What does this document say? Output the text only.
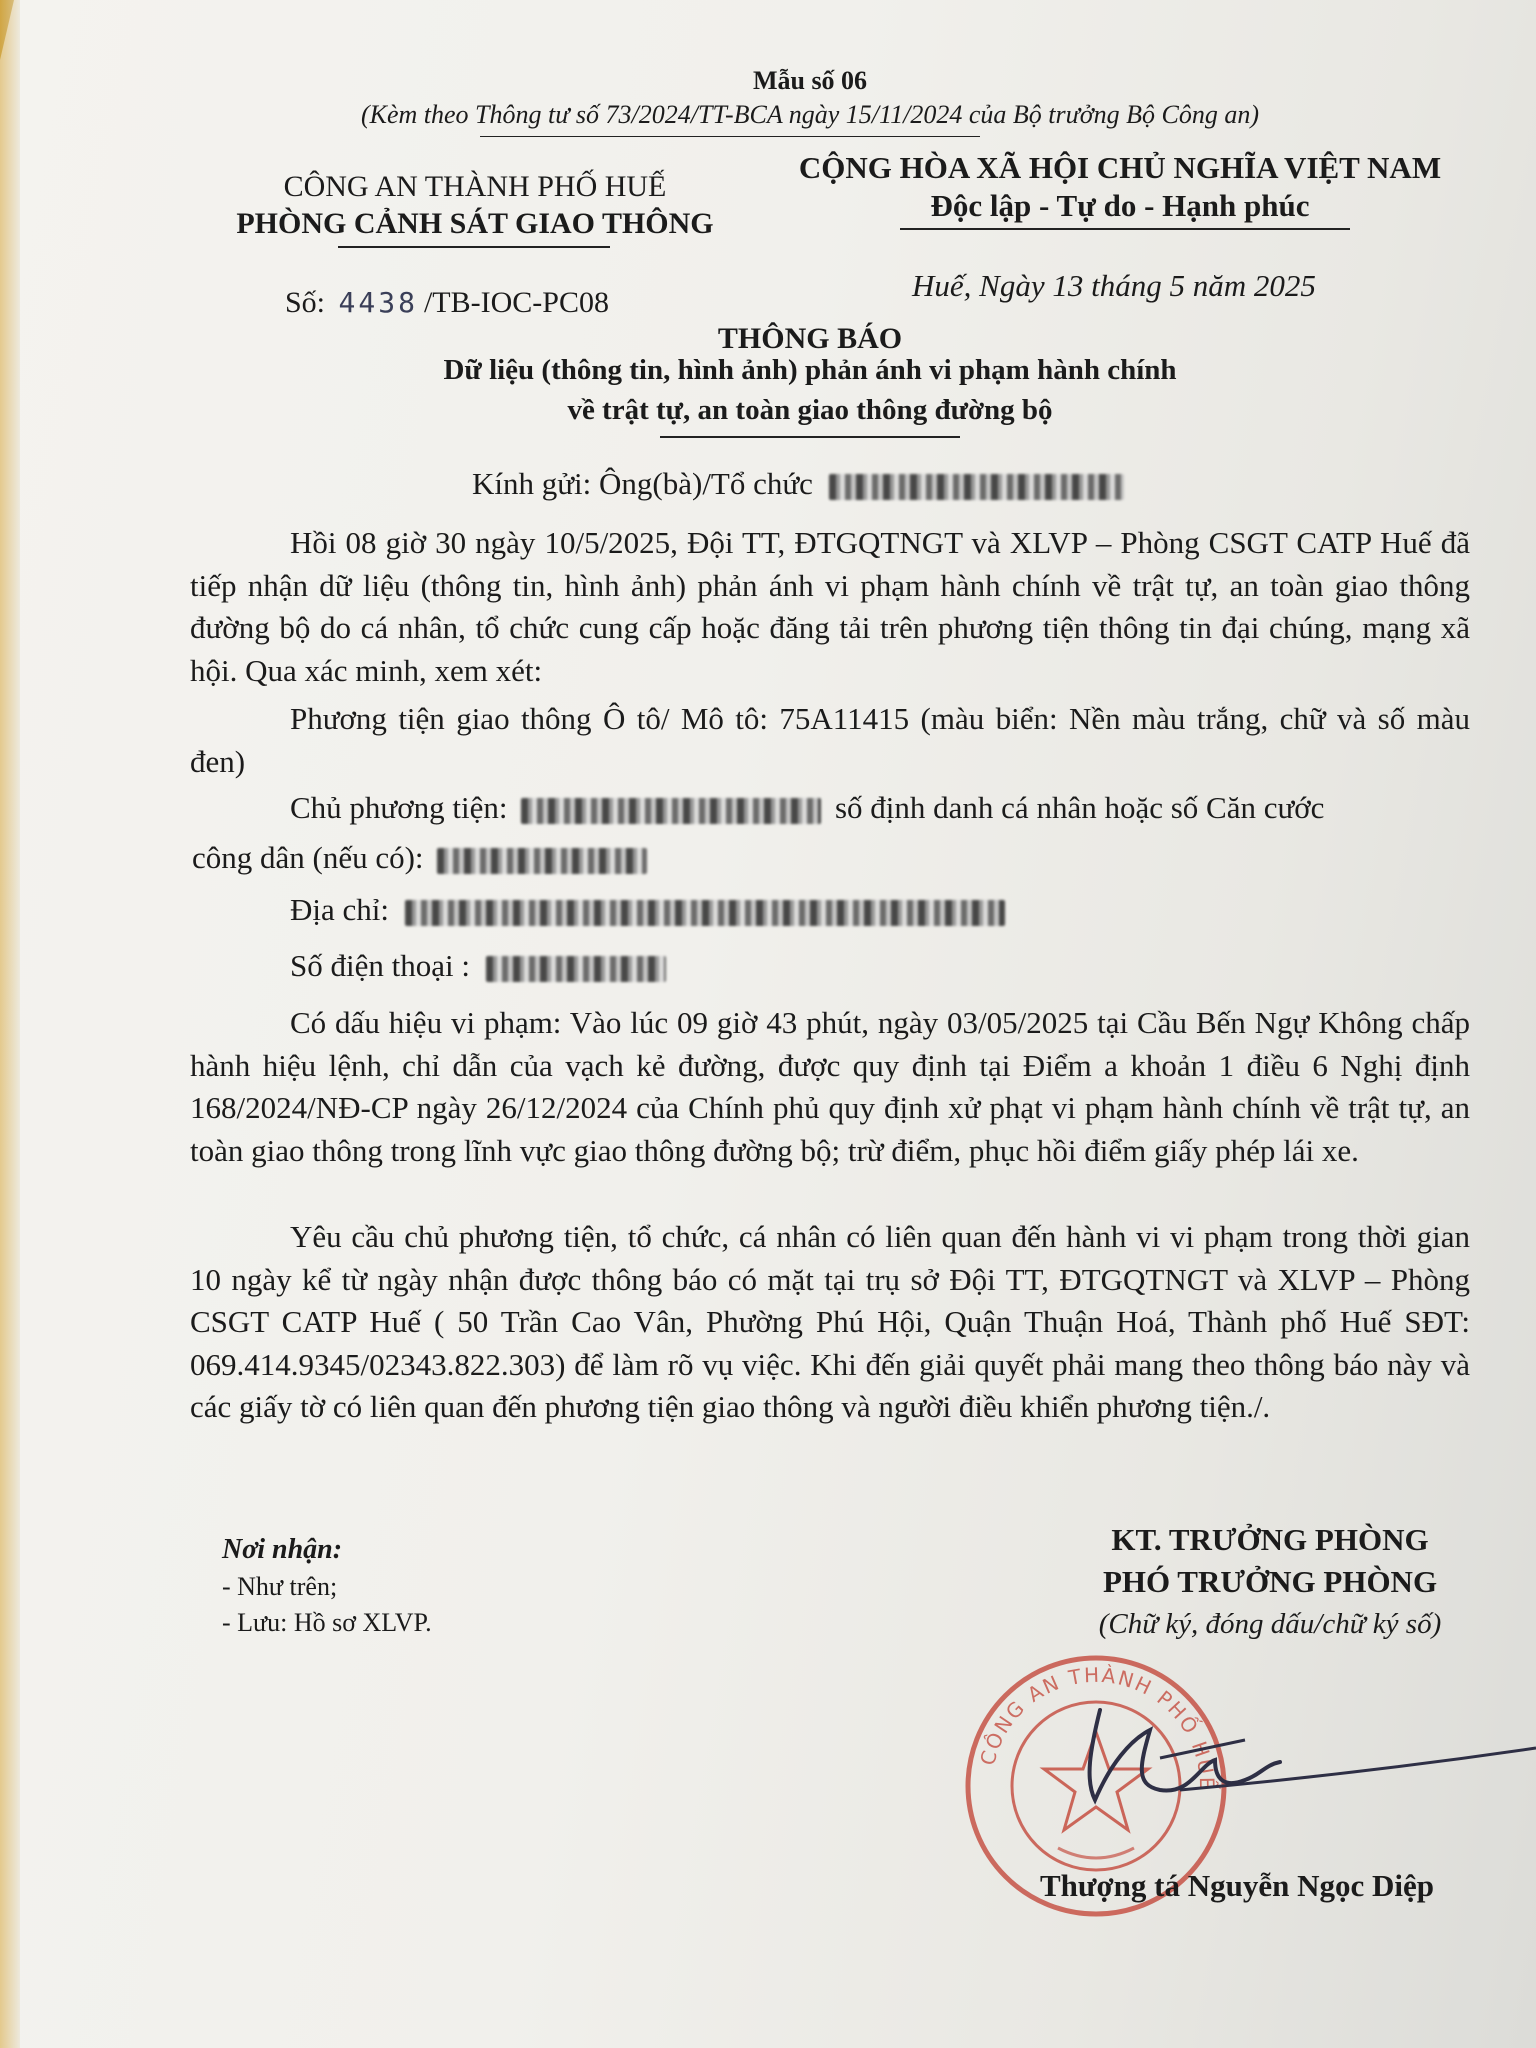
Mẫu số 06
(Kèm theo Thông tư số 73/2024/TT-BCA ngày 15/11/2024 của Bộ trưởng Bộ Công an)
CÔNG AN THÀNH PHỐ HUẾ
PHÒNG CẢNH SÁT GIAO THÔNG
CỘNG HÒA XÃ HỘI CHỦ NGHĨA VIỆT NAM
Độc lập - Tự do - Hạnh phúc
Số: 4438 /TB-IOC-PC08	Huế, Ngày 13 tháng 5 năm 2025
THÔNG BÁO
Dữ liệu (thông tin, hình ảnh) phản ánh vi phạm hành chính
về trật tự, an toàn giao thông đường bộ
Kính gửi: Ông(bà)/Tổ chức
Hồi 08 giờ 30 ngày 10/5/2025, Đội TT, ĐTGQTNGT và XLVP – Phòng CSGT CATP Huế đã tiếp nhận dữ liệu (thông tin, hình ảnh) phản ánh vi phạm hành chính về trật tự, an toàn giao thông đường bộ do cá nhân, tổ chức cung cấp hoặc đăng tải trên phương tiện thông tin đại chúng, mạng xã hội. Qua xác minh, xem xét:
Phương tiện giao thông Ô tô/ Mô tô: 75A11415 (màu biển: Nền màu trắng, chữ và số màu đen)
Chủ phương tiện:	số định danh cá nhân hoặc số Căn cước
công dân (nếu có):
Địa chỉ:
Số điện thoại :
Có dấu hiệu vi phạm: Vào lúc 09 giờ 43 phút, ngày 03/05/2025 tại Cầu Bến Ngự Không chấp hành hiệu lệnh, chỉ dẫn của vạch kẻ đường, được quy định tại Điểm a khoản 1 điều 6 Nghị định 168/2024/NĐ-CP ngày 26/12/2024 của Chính phủ quy định xử phạt vi phạm hành chính về trật tự, an toàn giao thông trong lĩnh vực giao thông đường bộ; trừ điểm, phục hồi điểm giấy phép lái xe.
Yêu cầu chủ phương tiện, tổ chức, cá nhân có liên quan đến hành vi vi phạm trong thời gian 10 ngày kể từ ngày nhận được thông báo có mặt tại trụ sở Đội TT, ĐTGQTNGT và XLVP – Phòng CSGT CATP Huế ( 50 Trần Cao Vân, Phường Phú Hội, Quận Thuận Hoá, Thành phố Huế SĐT: 069.414.9345/02343.822.303) để làm rõ vụ việc. Khi đến giải quyết phải mang theo thông báo này và các giấy tờ có liên quan đến phương tiện giao thông và người điều khiển phương tiện./.
Nơi nhận:
- Như trên;
- Lưu: Hồ sơ XLVP.
KT. TRƯỞNG PHÒNG
PHÓ TRƯỞNG PHÒNG
(Chữ ký, đóng dấu/chữ ký số)
CÔNG AN THÀNH PHỐ HUẾ
Thượng tá Nguyễn Ngọc Diệp
